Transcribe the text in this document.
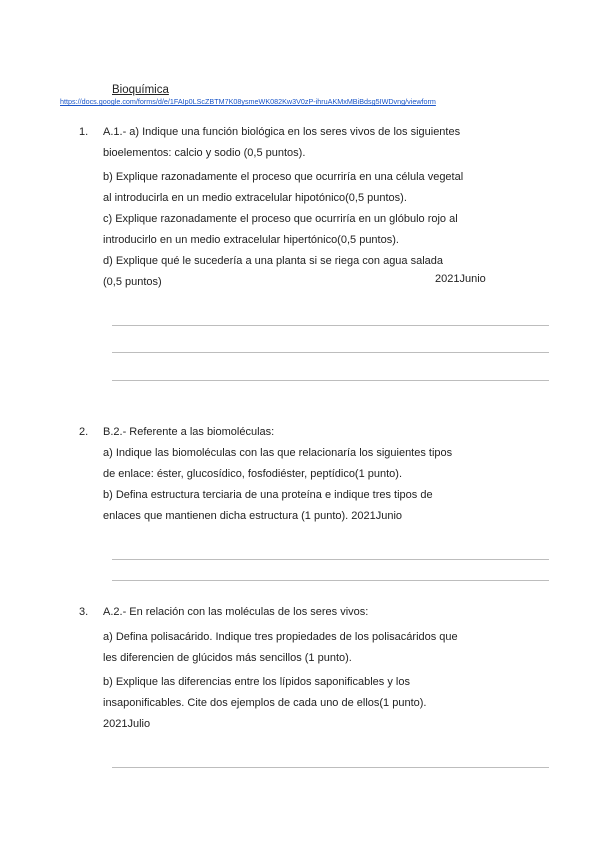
Bioquímica
https://docs.google.com/forms/d/e/1FAIp0LScZBTM7K08ysmeWK082Kw3V0zP-ihruAKMxMBiBdsg5IWDvng/viewform
1. A.1.- a) Indique una función biológica en los seres vivos de los siguientes

bioelementos: calcio y sodio (0,5 puntos).

b) Explique razonadamente el proceso que ocurriría en una célula vegetal

al introducirla en un medio extracelular hipotónico(0,5 puntos).

c) Explique razonadamente el proceso que ocurriría en un glóbulo rojo al

introducirlo en un medio extracelular hipertónico(0,5 puntos).

d) Explique qué le sucedería a una planta si se riega con agua salada

(0,5 puntos)	2021Junio
2. B.2.- Referente a las biomoléculas:

a) Indique las biomoléculas con las que relacionaría los siguientes tipos

de enlace: éster, glucosídico, fosfodiéster, peptídico(1 punto).

b) Defina estructura terciaria de una proteína e indique tres tipos de

enlaces que mantienen dicha estructura (1 punto). 2021Junio

3. A.2.- En relación con las moléculas de los seres vivos:

a) Defina polisacárido. Indique tres propiedades de los polisacáridos que

les diferencien de glúcidos más sencillos (1 punto).

b) Explique las diferencias entre los lípidos saponificables y los

insaponificables. Cite dos ejemplos de cada uno de ellos(1 punto).

2021Julio
